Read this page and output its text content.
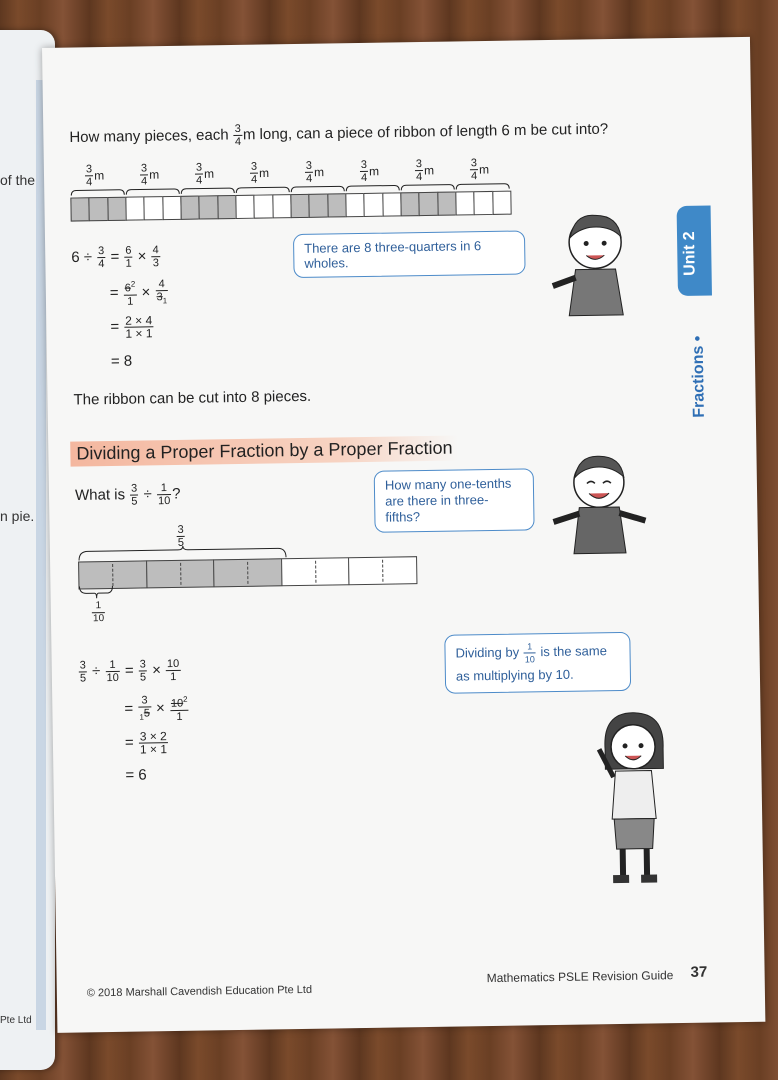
of the
n pie.
Pte Ltd
How many pieces, each $\frac{3}{4}$ m long, can a piece of ribbon of length 6 m be cut into?
$\frac{3}{4}$ m	$\frac{3}{4}$ m	$\frac{3}{4}$ m	$\frac{3}{4}$ m	$\frac{3}{4}$ m	$\frac{3}{4}$ m	$\frac{3}{4}$ m	$\frac{3}{4}$ m
There are 8 three-quarters in 6 wholes.
$6 \div \frac{3}{4} = \frac{6}{1} \times \frac{4}{3}$
= $\frac{6^2}{1} \times \frac{4}{3_1}$
= $\frac{2 \times 4}{1 \times 1}$
= 8
The ribbon can be cut into 8 pieces.
Dividing a Proper Fraction by a Proper Fraction
What is $\frac{3}{5} \div \frac{1}{10}$ ?
How many one-tenths are there in three-fifths?
$\frac{3}{5}$
$\frac{1}{10}$
$\frac{3}{5} \div \frac{1}{10} = \frac{3}{5} \times \frac{10}{1}$
= $\frac{3}{_15} \times \frac{10^2}{1}$
= $\frac{3 \times 2}{1 \times 1}$
= 6
Dividing by $\frac{1}{10}$ is the same as multiplying by 10.
Unit 2
Fractions •
© 2018 Marshall Cavendish Education Pte Ltd
Mathematics PSLE Revision Guide 37
